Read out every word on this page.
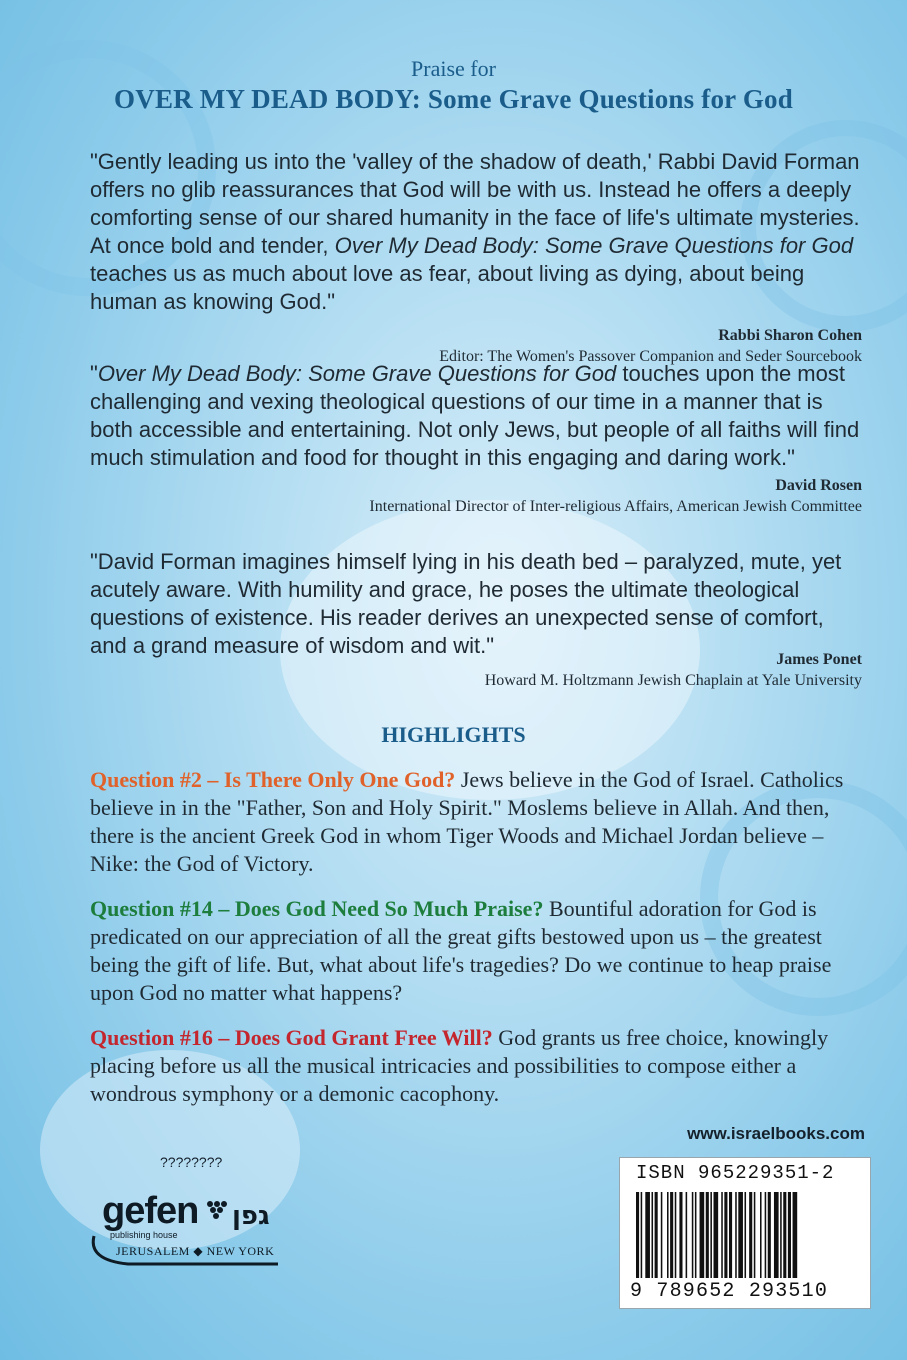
Praise for
OVER MY DEAD BODY: Some Grave Questions for God
"Gently leading us into the 'valley of the shadow of death,' Rabbi David Forman offers no glib reassurances that God will be with us. Instead he offers a deeply comforting sense of our shared humanity in the face of life's ultimate mysteries. At once bold and tender, Over My Dead Body: Some Grave Questions for God teaches us as much about love as fear, about living as dying, about being human as knowing God."
Rabbi Sharon Cohen
Editor: The Women's Passover Companion and Seder Sourcebook
"Over My Dead Body: Some Grave Questions for God touches upon the most challenging and vexing theological questions of our time in a manner that is both accessible and entertaining. Not only Jews, but people of all faiths will find much stimulation and food for thought in this engaging and daring work."
David Rosen
International Director of Inter-religious Affairs, American Jewish Committee
"David Forman imagines himself lying in his death bed – paralyzed, mute, yet acutely aware. With humility and grace, he poses the ultimate theological questions of existence. His reader derives an unexpected sense of comfort, and a grand measure of wisdom and wit."
James Ponet
Howard M. Holtzmann Jewish Chaplain at Yale University
HIGHLIGHTS
Question #2 – Is There Only One God? Jews believe in the God of Israel. Catholics believe in in the "Father, Son and Holy Spirit." Moslems believe in Allah. And then, there is the ancient Greek God in whom Tiger Woods and Michael Jordan believe – Nike: the God of Victory.
Question #14 – Does God Need So Much Praise? Bountiful adoration for God is predicated on our appreciation of all the great gifts bestowed upon us – the greatest being the gift of life. But, what about life's tragedies? Do we continue to heap praise upon God no matter what happens?
Question #16 – Does God Grant Free Will? God grants us free choice, knowingly placing before us all the musical intricacies and possibilities to compose either a wondrous symphony or a demonic cacophony.
www.israelbooks.com
????????
גפן
gefen
publishing house
JERUSALEM ◆ NEW YORK
ISBN 965229351-2
9 789652 293510
